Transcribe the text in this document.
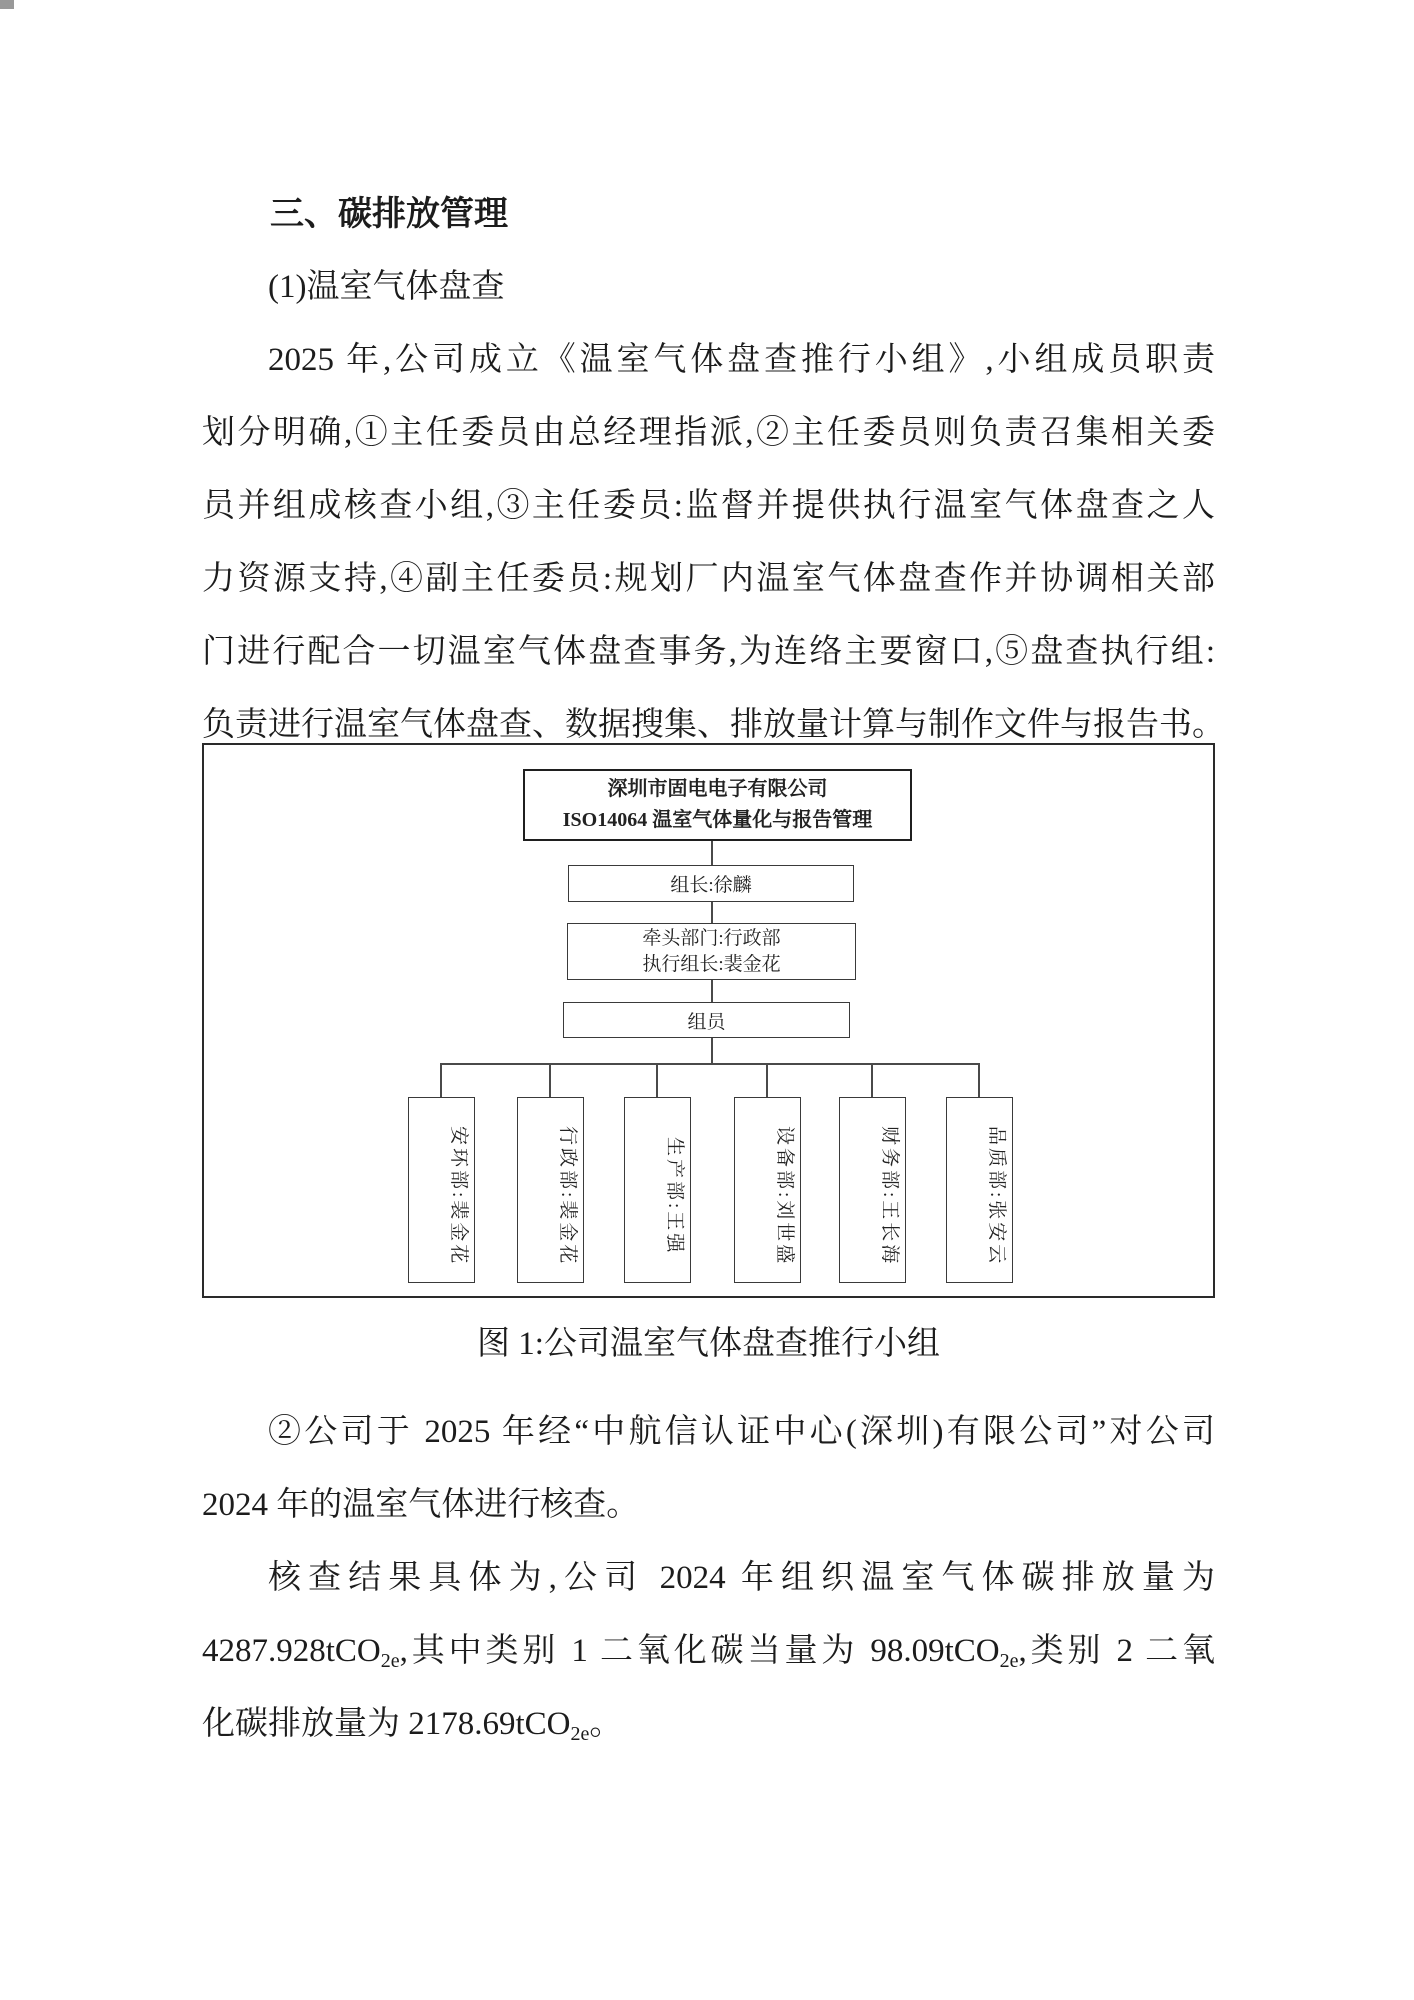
三、碳排放管理
(1)温室气体盘查
2025 年,公司成立《温室气体盘查推行小组》,小组成员职责
划分明确,①主任委员由总经理指派,②主任委员则负责召集相关委
员并组成核查小组,③主任委员:监督并提供执行温室气体盘查之人
力资源支持,④副主任委员:规划厂内温室气体盘查作并协调相关部
门进行配合一切温室气体盘查事务,为连络主要窗口,⑤盘查执行组:
负责进行温室气体盘查、数据搜集、排放量计算与制作文件与报告书。
深圳市固电电子有限公司
ISO14064 温室气体量化与报告管理
组长:徐麟
牵头部门:行政部
执行组长:裴金花
组员
安环部:裴金花	行政部:裴金花	生产部:王强	设备部:刘世盛	财务部:王长海	品质部:张安云
图 1:公司温室气体盘查推行小组
②公司于 2025 年经“中航信认证中心(深圳)有限公司”对公司
2024 年的温室气体进行核查。
核查结果具体为,公司 2024 年组织温室气体碳排放量为
4287.928tCO$_{2e}$,其中类别 1 二氧化碳当量为 98.09tCO$_{2e}$,类别 2 二氧
化碳排放量为 2178.69tCO$_{2e}$。
